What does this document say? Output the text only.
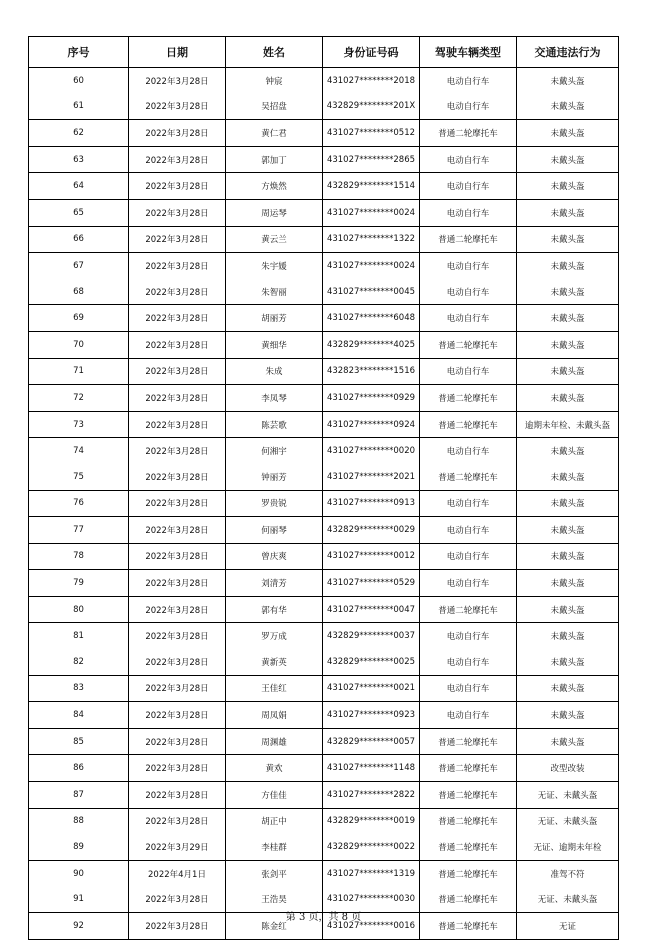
序号	日期	姓名	身份证号码	驾驶车辆类型	交通违法行为
60	2022年3月28日	钟宸	431027********2018	电动自行车	未戴头盔
61	2022年3月28日	吴招盘	432829********201X	电动自行车	未戴头盔
62	2022年3月28日	黄仁君	431027********0512	普通二轮摩托车	未戴头盔
63	2022年3月28日	郭加丁	431027********2865	电动自行车	未戴头盔
64	2022年3月28日	方焕然	432829********1514	电动自行车	未戴头盔
65	2022年3月28日	周运琴	431027********0024	电动自行车	未戴头盔
66	2022年3月28日	黄云兰	431027********1322	普通二轮摩托车	未戴头盔
67	2022年3月28日	朱宇媛	431027********0024	电动自行车	未戴头盔
68	2022年3月28日	朱智丽	431027********0045	电动自行车	未戴头盔
69	2022年3月28日	胡丽芳	431027********6048	电动自行车	未戴头盔
70	2022年3月28日	黄细华	432829********4025	普通二轮摩托车	未戴头盔
71	2022年3月28日	朱成	432823********1516	电动自行车	未戴头盔
72	2022年3月28日	李凤琴	431027********0929	普通二轮摩托车	未戴头盔
73	2022年3月28日	陈芸歌	431027********0924	普通二轮摩托车	逾期未年检、未戴头盔
74	2022年3月28日	何湘宇	431027********0020	电动自行车	未戴头盔
75	2022年3月28日	钟丽芳	431027********2021	普通二轮摩托车	未戴头盔
76	2022年3月28日	罗贵锐	431027********0913	电动自行车	未戴头盔
77	2022年3月28日	何丽琴	432829********0029	电动自行车	未戴头盔
78	2022年3月28日	曾庆爽	431027********0012	电动自行车	未戴头盔
79	2022年3月28日	刘清芳	431027********0529	电动自行车	未戴头盔
80	2022年3月28日	郭有华	431027********0047	普通二轮摩托车	未戴头盔
81	2022年3月28日	罗万成	432829********0037	电动自行车	未戴头盔
82	2022年3月28日	黄新英	432829********0025	电动自行车	未戴头盔
83	2022年3月28日	王佳红	431027********0021	电动自行车	未戴头盔
84	2022年3月28日	周凤娟	431027********0923	电动自行车	未戴头盔
85	2022年3月28日	周渊雄	432829********0057	普通二轮摩托车	未戴头盔
86	2022年3月28日	黄欢	431027********1148	普通二轮摩托车	改型改装
87	2022年3月28日	方佳佳	431027********2822	普通二轮摩托车	无证、未戴头盔
88	2022年3月28日	胡正中	432829********0019	普通二轮摩托车	无证、未戴头盔
89	2022年3月29日	李桂群	432829********0022	普通二轮摩托车	无证、逾期未年检
90	2022年4月1日	张剑平	431027********1319	普通二轮摩托车	准驾不符
91	2022年3月28日	王浩昊	431027********0030	普通二轮摩托车	无证、未戴头盔
92	2022年3月28日	陈金红	431027********0016	普通二轮摩托车	无证
第 3 页，共 8 页
